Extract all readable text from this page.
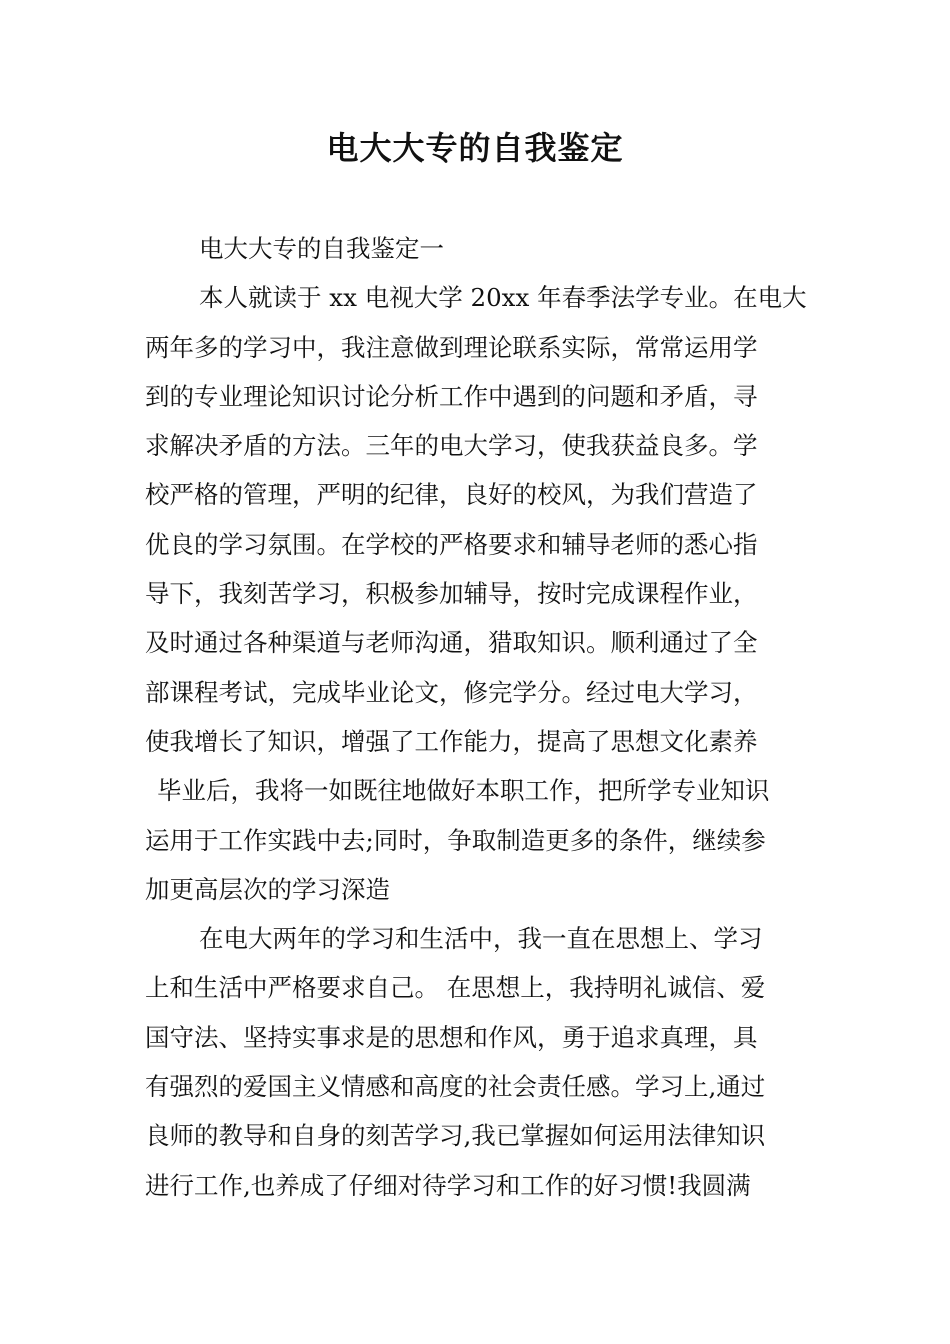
电大大专的自我鉴定
电大大专的自我鉴定一
本人就读于 xx 电视大学 20xx 年春季法学专业。在电大
两年多的学习中，我注意做到理论联系实际，常常运用学
到的专业理论知识讨论分析工作中遇到的问题和矛盾，寻
求解决矛盾的方法。三年的电大学习，使我获益良多。学
校严格的管理，严明的纪律，良好的校风，为我们营造了
优良的学习氛围。在学校的严格要求和辅导老师的悉心指
导下，我刻苦学习，积极参加辅导，按时完成课程作业，
及时通过各种渠道与老师沟通，猎取知识。顺利通过了全
部课程考试，完成毕业论文，修完学分。经过电大学习，
使我增长了知识，增强了工作能力，提高了思想文化素养
毕业后，我将一如既往地做好本职工作，把所学专业知识
运用于工作实践中去;同时，争取制造更多的条件，继续参
加更高层次的学习深造
在电大两年的学习和生活中，我一直在思想上、学习
上和生活中严格要求自己。 在思想上，我持明礼诚信、爱
国守法、坚持实事求是的思想和作风，勇于追求真理，具
有强烈的爱国主义情感和高度的社会责任感。学习上,通过
良师的教导和自身的刻苦学习,我已掌握如何运用法律知识
进行工作,也养成了仔细对待学习和工作的好习惯!我圆满
